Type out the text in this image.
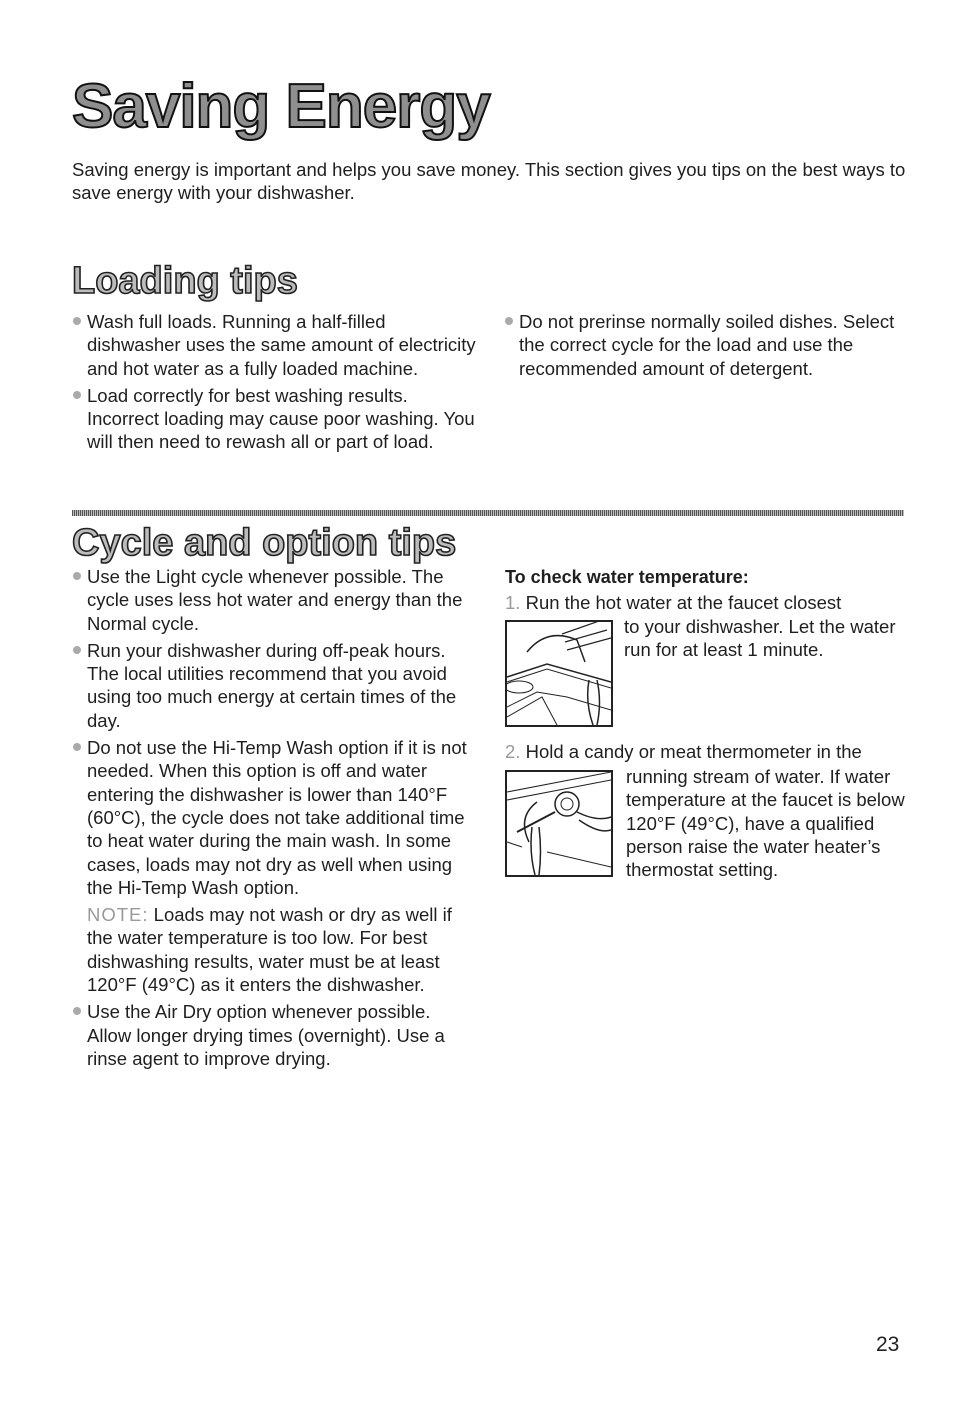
Saving Energy

Saving energy is important and helps you save money. This section gives you tips on the best ways to save energy with your dishwasher.

Loading tips

Wash full loads. Running a half-filled dishwasher uses the same amount of electricity and hot water as a fully loaded machine.

Load correctly for best washing results. Incorrect loading may cause poor washing. You will then need to rewash all or part of load.

Do not prerinse normally soiled dishes. Select the correct cycle for the load and use the recommended amount of detergent.

Cycle and option tips

Use the Light cycle whenever possible. The cycle uses less hot water and energy than the Normal cycle.

Run your dishwasher during off-peak hours. The local utilities recommend that you avoid using too much energy at certain times of the day.

Do not use the Hi-Temp Wash option if it is not needed. When this option is off and water entering the dishwasher is lower than 140°F (60°C), the cycle does not take additional time to heat water during the main wash. In some cases, loads may not dry as well when using the Hi-Temp Wash option.

NOTE: Loads may not wash or dry as well if the water temperature is too low. For best dishwashing results, water must be at least 120°F (49°C) as it enters the dishwasher.

Use the Air Dry option whenever possible. Allow longer drying times (overnight). Use a rinse agent to improve drying.

To check water temperature:

1. Run the hot water at the faucet closest

to your dishwasher. Let the water run for at least 1 minute.

2. Hold a candy or meat thermometer in the

running stream of water. If water temperature at the faucet is below 120°F (49°C), have a qualified person raise the water heater’s thermostat setting.

23
